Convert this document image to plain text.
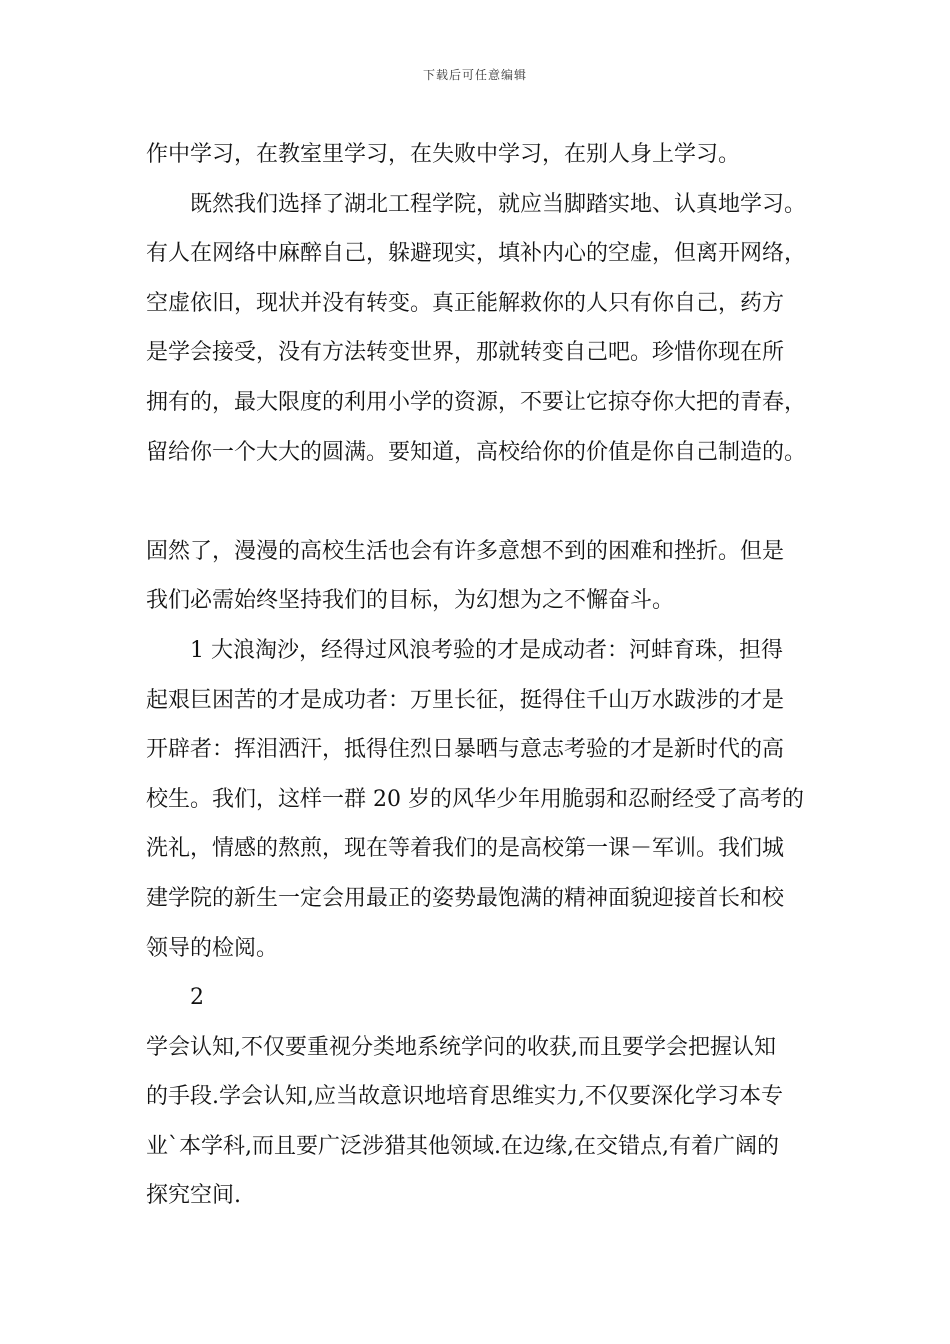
下载后可任意编辑
作中学习，在教室里学习，在失败中学习，在别人身上学习。
既然我们选择了湖北工程学院，就应当脚踏实地、认真地学习。
有人在网络中麻醉自己，躲避现实，填补内心的空虚，但离开网络，
空虚依旧，现状并没有转变。真正能解救你的人只有你自己，药方
是学会接受，没有方法转变世界，那就转变自己吧。珍惜你现在所
拥有的，最大限度的利用小学的资源，不要让它掠夺你大把的青春，
留给你一个大大的圆满。要知道，高校给你的价值是你自己制造的。
固然了，漫漫的高校生活也会有许多意想不到的困难和挫折。但是
我们必需始终坚持我们的目标，为幻想为之不懈奋斗。
1 大浪淘沙，经得过风浪考验的才是成动者：河蚌育珠，担得
起艰巨困苦的才是成功者：万里长征，挺得住千山万水跋涉的才是
开辟者：挥泪洒汗，抵得住烈日暴晒与意志考验的才是新时代的高
校生。我们，这样一群 20 岁的风华少年用脆弱和忍耐经受了高考的
洗礼，情感的熬煎，现在等着我们的是高校第一课－军训。我们城
建学院的新生一定会用最正的姿势最饱满的精神面貌迎接首长和校
领导的检阅。
2
学会认知,不仅要重视分类地系统学问的收获,而且要学会把握认知
的手段.学会认知,应当故意识地培育思维实力,不仅要深化学习本专
业`本学科,而且要广泛涉猎其他领域.在边缘,在交错点,有着广阔的
探究空间.
